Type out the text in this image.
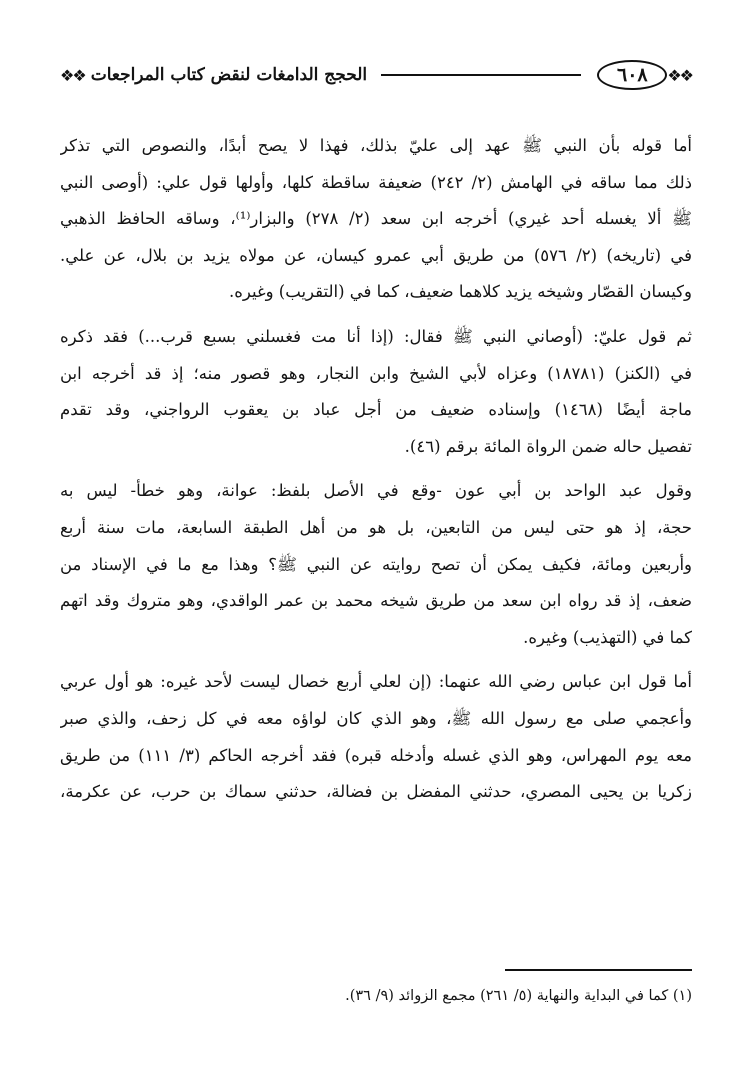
❖❖
٦٠٨
الحجج الدامغات لنقض كتاب المراجعات
❖❖

أما قوله بأن النبي ﷺ عهد إلى عليّ بذلك، فهذا لا يصح أبدًا، والنصوص التي تذكر
ذلك مما ساقه في الهامش (٢/ ٢٤٢) ضعيفة ساقطة كلها، وأولها قول علي: (أوصى النبي
ﷺ ألا يغسله أحد غيري) أخرجه ابن سعد (٢/ ٢٧٨) والبزار⁽¹⁾، وساقه الحافظ الذهبي
في (تاريخه) (٢/ ٥٧٦) من طريق أبي عمرو كيسان، عن مولاه يزيد بن بلال، عن علي.
وكيسان القصّار وشيخه يزيد كلاهما ضعيف، كما في (التقريب) وغيره.

ثم قول عليّ: (أوصاني النبي ﷺ فقال: (إذا أنا مت فغسلني بسبع قرب...) فقد ذكره
في (الكنز) (١٨٧٨١) وعزاه لأبي الشيخ وابن النجار، وهو قصور منه؛ إذ قد أخرجه ابن
ماجة أيضًا (١٤٦٨) وإسناده ضعيف من أجل عباد بن يعقوب الرواجني، وقد تقدم
تفصيل حاله ضمن الرواة المائة برقم (٤٦).

وقول عبد الواحد بن أبي عون -وقع في الأصل بلفظ: عوانة، وهو خطأ- ليس به
حجة، إذ هو حتى ليس من التابعين، بل هو من أهل الطبقة السابعة، مات سنة أربع
وأربعين ومائة، فكيف يمكن أن تصح روايته عن النبي ﷺ؟ وهذا مع ما في الإسناد من
ضعف، إذ قد رواه ابن سعد من طريق شيخه محمد بن عمر الواقدي، وهو متروك وقد اتهم
كما في (التهذيب) وغيره.

أما قول ابن عباس رضي الله عنهما: (إن لعلي أربع خصال ليست لأحد غيره: هو أول عربي
وأعجمي صلى مع رسول الله ﷺ، وهو الذي كان لواؤه معه في كل زحف، والذي صبر
معه يوم المهراس، وهو الذي غسله وأدخله قبره) فقد أخرجه الحاكم (٣/ ١١١) من طريق
زكريا بن يحيى المصري، حدثني المفضل بن فضالة، حدثني سماك بن حرب، عن عكرمة،

(١) كما في البداية والنهاية (٥/ ٢٦١) مجمع الزوائد (٩/ ٣٦).
